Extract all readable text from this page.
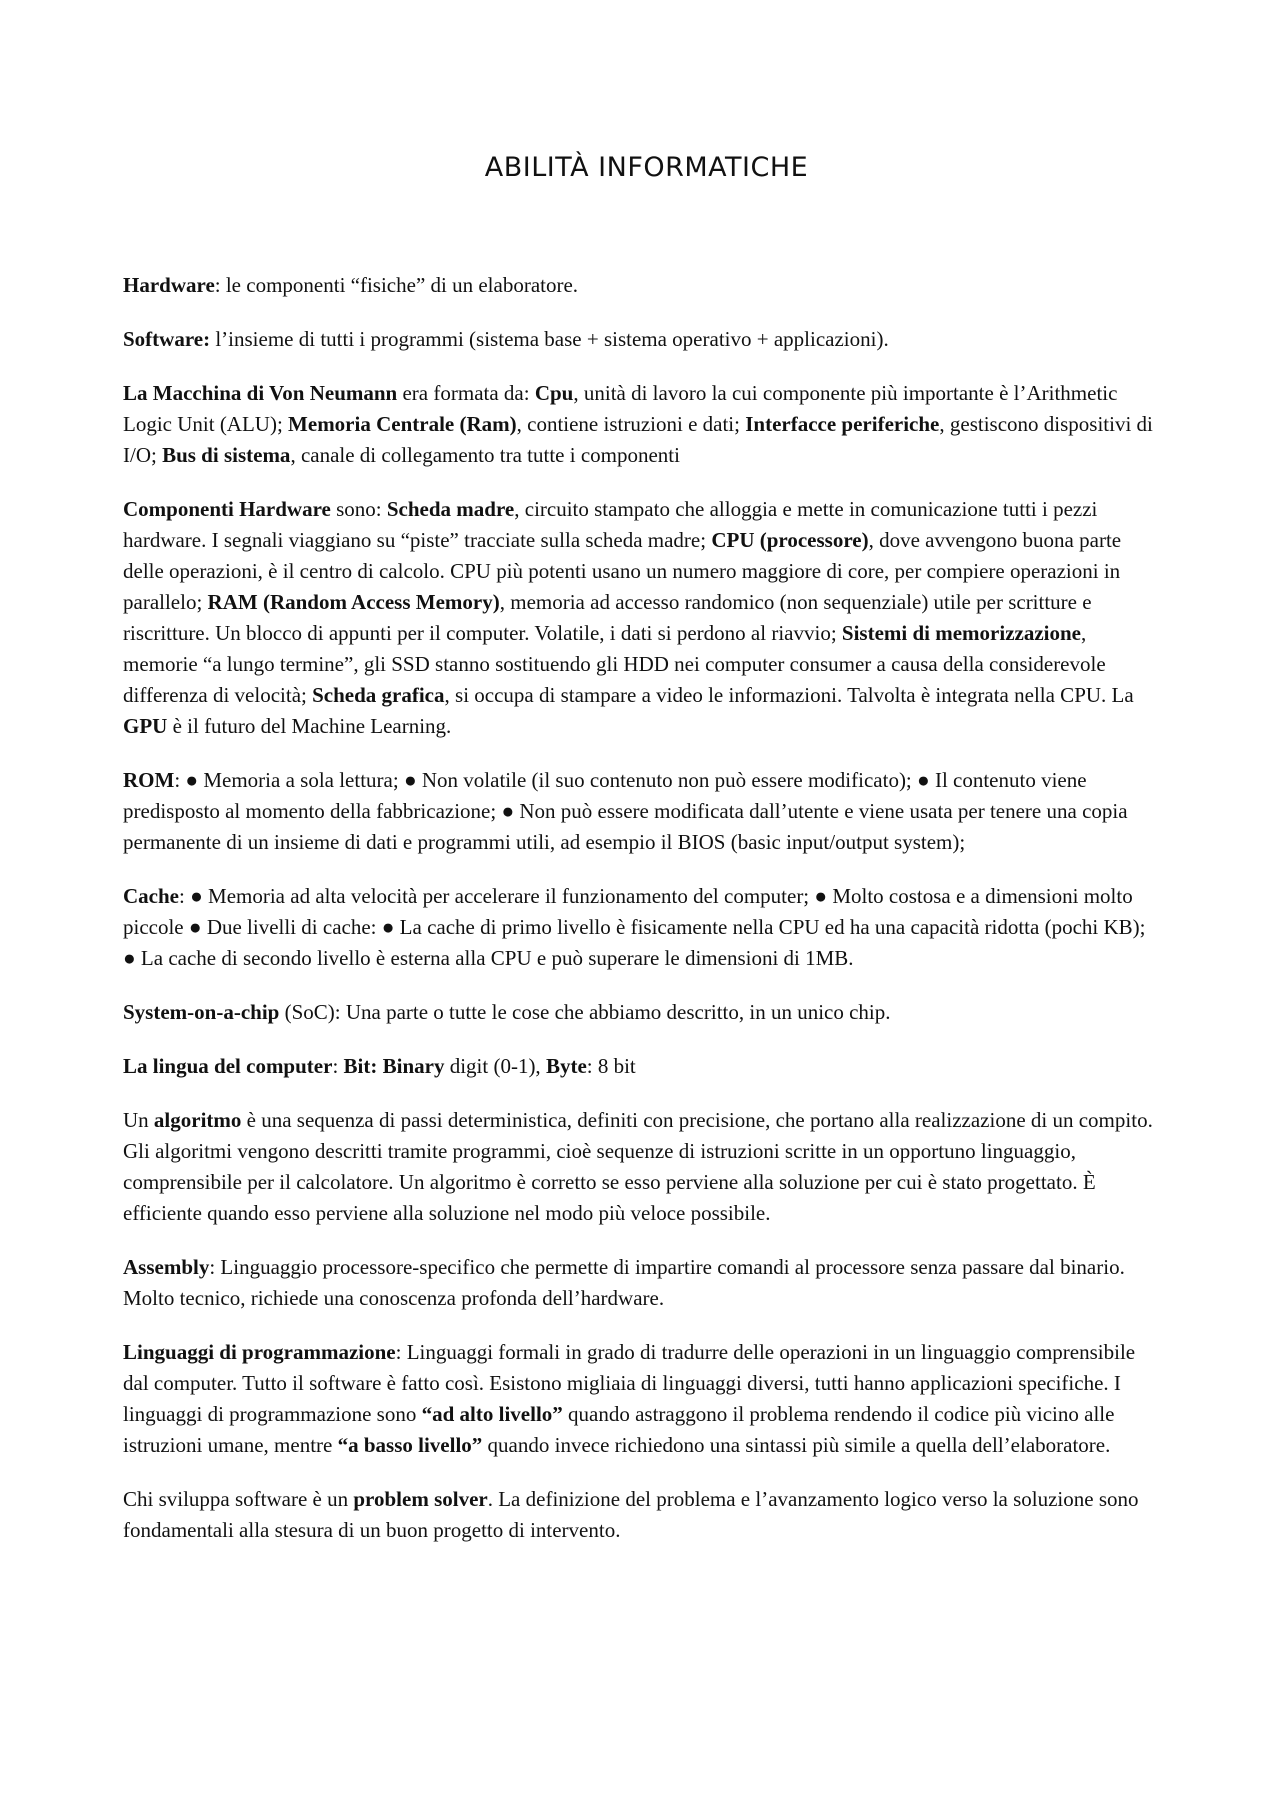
ABILITÀ INFORMATICHE

Hardware: le componenti “fisiche” di un elaboratore.

Software: l’insieme di tutti i programmi (sistema base + sistema operativo + applicazioni).

La Macchina di Von Neumann era formata da: Cpu, unità di lavoro la cui componente più importante è l’Arithmetic Logic Unit (ALU); Memoria Centrale (Ram), contiene istruzioni e dati; Interfacce periferiche, gestiscono dispositivi di I/O; Bus di sistema, canale di collegamento tra tutte i componenti

Componenti Hardware sono: Scheda madre, circuito stampato che alloggia e mette in comunicazione tutti i pezzi hardware. I segnali viaggiano su “piste” tracciate sulla scheda madre; CPU (processore), dove avvengono buona parte delle operazioni, è il centro di calcolo. CPU più potenti usano un numero maggiore di core, per compiere operazioni in parallelo; RAM (Random Access Memory), memoria ad accesso randomico (non sequenziale) utile per scritture e riscritture. Un blocco di appunti per il computer. Volatile, i dati si perdono al riavvio; Sistemi di memorizzazione, memorie “a lungo termine”, gli SSD stanno sostituendo gli HDD nei computer consumer a causa della considerevole differenza di velocità; Scheda grafica, si occupa di stampare a video le informazioni. Talvolta è integrata nella CPU. La GPU è il futuro del Machine Learning.

ROM: ● Memoria a sola lettura; ● Non volatile (il suo contenuto non può essere modificato); ● Il contenuto viene predisposto al momento della fabbricazione; ● Non può essere modificata dall’utente e viene usata per tenere una copia permanente di un insieme di dati e programmi utili, ad esempio il BIOS (basic input/output system);

Cache: ● Memoria ad alta velocità per accelerare il funzionamento del computer; ● Molto costosa e a dimensioni molto piccole ● Due livelli di cache: ● La cache di primo livello è fisicamente nella CPU ed ha una capacità ridotta (pochi KB); ● La cache di secondo livello è esterna alla CPU e può superare le dimensioni di 1MB.

System-on-a-chip (SoC): Una parte o tutte le cose che abbiamo descritto, in un unico chip.

La lingua del computer: Bit: Binary digit (0-1), Byte: 8 bit

Un algoritmo è una sequenza di passi deterministica, definiti con precisione, che portano alla realizzazione di un compito. Gli algoritmi vengono descritti tramite programmi, cioè sequenze di istruzioni scritte in un opportuno linguaggio, comprensibile per il calcolatore. Un algoritmo è corretto se esso perviene alla soluzione per cui è stato progettato. È efficiente quando esso perviene alla soluzione nel modo più veloce possibile.

Assembly: Linguaggio processore-specifico che permette di impartire comandi al processore senza passare dal binario. Molto tecnico, richiede una conoscenza profonda dell’hardware.

Linguaggi di programmazione: Linguaggi formali in grado di tradurre delle operazioni in un linguaggio comprensibile dal computer. Tutto il software è fatto così. Esistono migliaia di linguaggi diversi, tutti hanno applicazioni specifiche. I linguaggi di programmazione sono “ad alto livello” quando astraggono il problema rendendo il codice più vicino alle istruzioni umane, mentre “a basso livello” quando invece richiedono una sintassi più simile a quella dell’elaboratore.

Chi sviluppa software è un problem solver. La definizione del problema e l’avanzamento logico verso la soluzione sono fondamentali alla stesura di un buon progetto di intervento.
